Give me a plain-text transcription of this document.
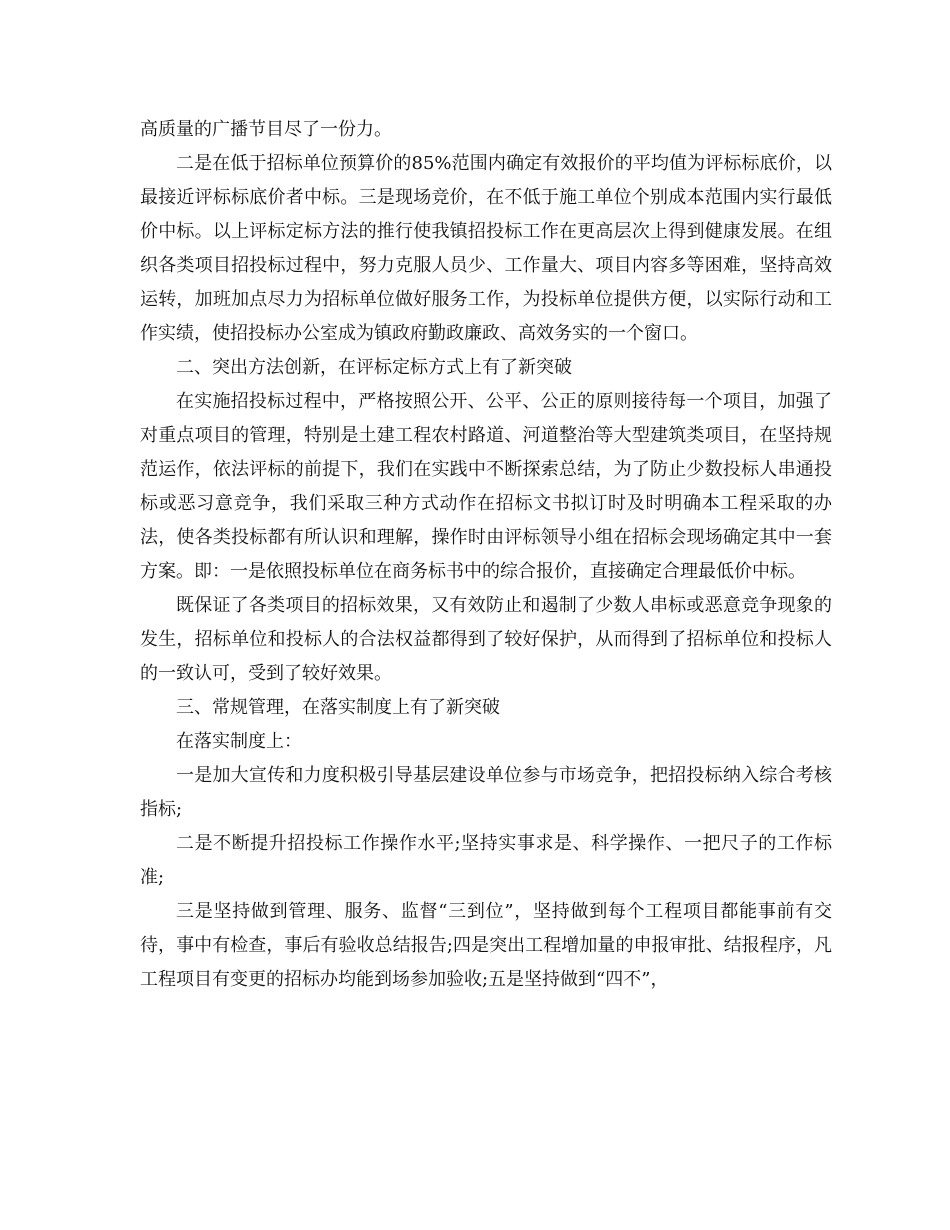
高质量的广播节目尽了一份力。

二是在低于招标单位预算价的85%范围内确定有效报价的平均值为评标标底价，以最接近评标标底价者中标。三是现场竞价，在不低于施工单位个别成本范围内实行最低价中标。以上评标定标方法的推行使我镇招投标工作在更高层次上得到健康发展。在组织各类项目招投标过程中，努力克服人员少、工作量大、项目内容多等困难，坚持高效运转，加班加点尽力为招标单位做好服务工作，为投标单位提供方便，以实际行动和工作实绩，使招投标办公室成为镇政府勤政廉政、高效务实的一个窗口。

二、突出方法创新，在评标定标方式上有了新突破

在实施招投标过程中，严格按照公开、公平、公正的原则接待每一个项目，加强了对重点项目的管理，特别是土建工程农村路道、河道整治等大型建筑类项目，在坚持规范运作，依法评标的前提下，我们在实践中不断探索总结，为了防止少数投标人串通投标或恶习意竞争，我们采取三种方式动作在招标文书拟订时及时明确本工程采取的办法，使各类投标都有所认识和理解，操作时由评标领导小组在招标会现场确定其中一套方案。即：一是依照投标单位在商务标书中的综合报价，直接确定合理最低价中标。

既保证了各类项目的招标效果，又有效防止和遏制了少数人串标或恶意竞争现象的发生，招标单位和投标人的合法权益都得到了较好保护，从而得到了招标单位和投标人的一致认可，受到了较好效果。

三、常规管理，在落实制度上有了新突破

在落实制度上：

一是加大宣传和力度积极引导基层建设单位参与市场竞争，把招投标纳入综合考核指标;

二是不断提升招投标工作操作水平;坚持实事求是、科学操作、一把尺子的工作标准;

三是坚持做到管理、服务、监督“三到位”，坚持做到每个工程项目都能事前有交待，事中有检查，事后有验收总结报告;四是突出工程增加量的申报审批、结报程序，凡工程项目有变更的招标办均能到场参加验收;五是坚持做到“四不”，
